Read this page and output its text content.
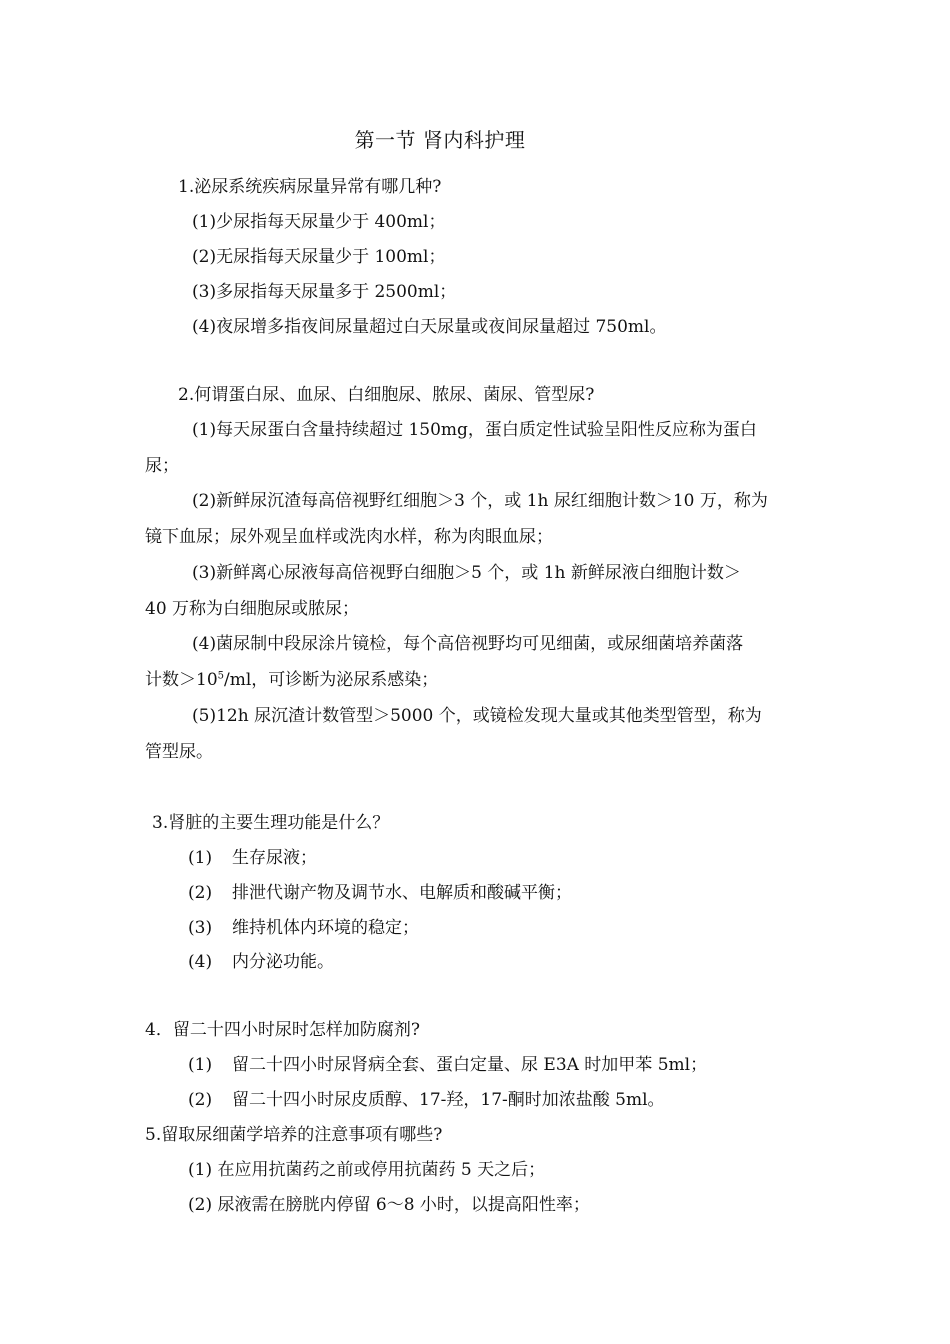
第一节 肾内科护理
1.泌尿系统疾病尿量异常有哪几种?
(1)少尿指每天尿量少于 400ml；
(2)无尿指每天尿量少于 100ml；
(3)多尿指每天尿量多于 2500ml；
(4)夜尿增多指夜间尿量超过白天尿量或夜间尿量超过 750ml。
2.何谓蛋白尿、血尿、白细胞尿、脓尿、菌尿、管型尿?
(1)每天尿蛋白含量持续超过 150mg，蛋白质定性试验呈阳性反应称为蛋白
尿；
(2)新鲜尿沉渣每高倍视野红细胞＞3 个，或 1h 尿红细胞计数＞10 万，称为
镜下血尿；尿外观呈血样或洗肉水样，称为肉眼血尿；
(3)新鲜离心尿液每高倍视野白细胞＞5 个，或 1h 新鲜尿液白细胞计数＞
40 万称为白细胞尿或脓尿；
(4)菌尿制中段尿涂片镜检，每个高倍视野均可见细菌，或尿细菌培养菌落
计数$>10^5/ml$，可诊断为泌尿系感染；
(5)12h 尿沉渣计数管型＞5000 个，或镜检发现大量或其他类型管型，称为
管型尿。
3.肾脏的主要生理功能是什么？
(1) 生存尿液；
(2) 排泄代谢产物及调节水、电解质和酸碱平衡；
(3) 维持机体内环境的稳定；
(4) 内分泌功能。
4．留二十四小时尿时怎样加防腐剂?
(1) 留二十四小时尿肾病全套、蛋白定量、尿 E3A 时加甲苯 5ml；
(2) 留二十四小时尿皮质醇、17-羟，17-酮时加浓盐酸 5ml。
5.留取尿细菌学培养的注意事项有哪些?
(1) 在应用抗菌药之前或停用抗菌药 5 天之后；
(2) 尿液需在膀胱内停留 6～8 小时，以提高阳性率；
